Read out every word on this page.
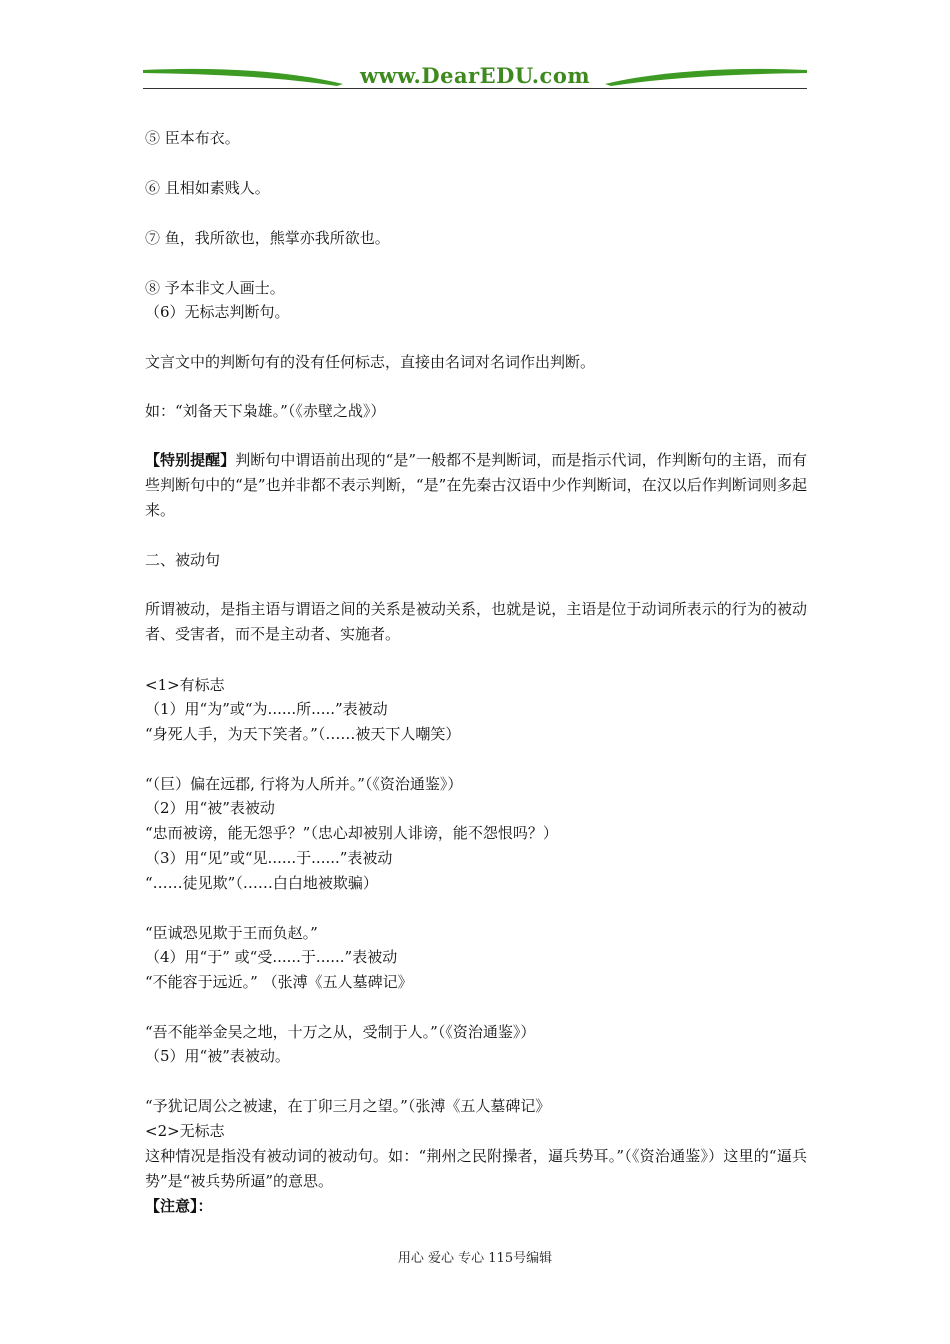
www.DearEDU.com
⑤ 臣本布衣。
⑥ 且相如素贱人。
⑦ 鱼，我所欲也，熊掌亦我所欲也。
⑧ 予本非文人画士。
（6）无标志判断句。
文言文中的判断句有的没有任何标志，直接由名词对名词作出判断。
如：“刘备天下枭雄。”（《赤壁之战》）
【特别提醒】判断句中谓语前出现的“是”一般都不是判断词，而是指示代词，作判断句的主语，而有些判断句中的“是”也并非都不表示判断，“是”在先秦古汉语中少作判断词，在汉以后作判断词则多起来。
二、被动句
所谓被动，是指主语与谓语之间的关系是被动关系，也就是说，主语是位于动词所表示的行为的被动者、受害者，而不是主动者、实施者。
<1>有标志
（1）用“为”或“为......所.....”表被动
“身死人手，为天下笑者。”（……被天下人嘲笑）
“（巨）偏在远郡, 行将为人所并。”（《资治通鉴》）
（2）用“被”表被动
“忠而被谤，能无怨乎？”（忠心却被别人诽谤，能不怨恨吗？）
（3）用“见”或“见......于......”表被动
“……徒见欺”（……白白地被欺骗）
“臣诚恐见欺于王而负赵。”
（4）用“于” 或“受......于......”表被动
“不能容于远近。” （张溥《五人墓碑记》
“吾不能举金吴之地，十万之从，受制于人。”（《资治通鉴》）
（5）用“被”表被动。
“予犹记周公之被逮，在丁卯三月之望。”（张溥《五人墓碑记》
<2>无标志
这种情况是指没有被动词的被动句。如：“荆州之民附操者，逼兵势耳。”（《资治通鉴》）这里的“逼兵势”是“被兵势所逼”的意思。
【注意】：
用心 爱心 专心 115号编辑
